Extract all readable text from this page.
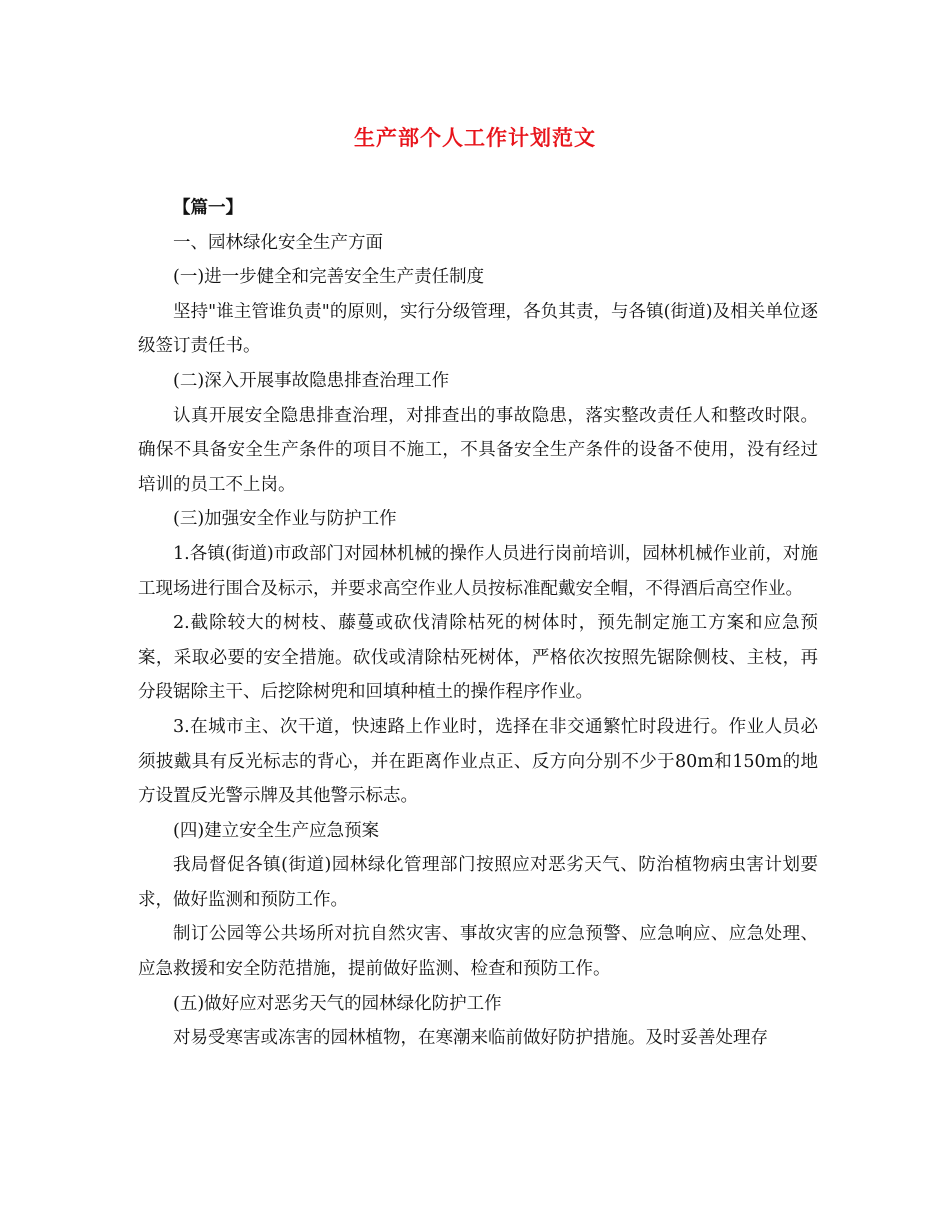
生产部个人工作计划范文

【篇一】

一、园林绿化安全生产方面

(一)进一步健全和完善安全生产责任制度

坚持"谁主管谁负责"的原则，实行分级管理，各负其责，与各镇(街道)及相关单位逐级签订责任书。

(二)深入开展事故隐患排查治理工作

认真开展安全隐患排查治理，对排查出的事故隐患，落实整改责任人和整改时限。确保不具备安全生产条件的项目不施工，不具备安全生产条件的设备不使用，没有经过培训的员工不上岗。

(三)加强安全作业与防护工作

1.各镇(街道)市政部门对园林机械的操作人员进行岗前培训，园林机械作业前，对施工现场进行围合及标示，并要求高空作业人员按标准配戴安全帽，不得酒后高空作业。

2.截除较大的树枝、藤蔓或砍伐清除枯死的树体时，预先制定施工方案和应急预案，采取必要的安全措施。砍伐或清除枯死树体，严格依次按照先锯除侧枝、主枝，再分段锯除主干、后挖除树兜和回填种植土的操作程序作业。

3.在城市主、次干道，快速路上作业时，选择在非交通繁忙时段进行。作业人员必须披戴具有反光标志的背心，并在距离作业点正、反方向分别不少于80m和150m的地方设置反光警示牌及其他警示标志。

(四)建立安全生产应急预案

我局督促各镇(街道)园林绿化管理部门按照应对恶劣天气、防治植物病虫害计划要求，做好监测和预防工作。

制订公园等公共场所对抗自然灾害、事故灾害的应急预警、应急响应、应急处理、应急救援和安全防范措施，提前做好监测、检查和预防工作。

(五)做好应对恶劣天气的园林绿化防护工作

对易受寒害或冻害的园林植物，在寒潮来临前做好防护措施。及时妥善处理存
